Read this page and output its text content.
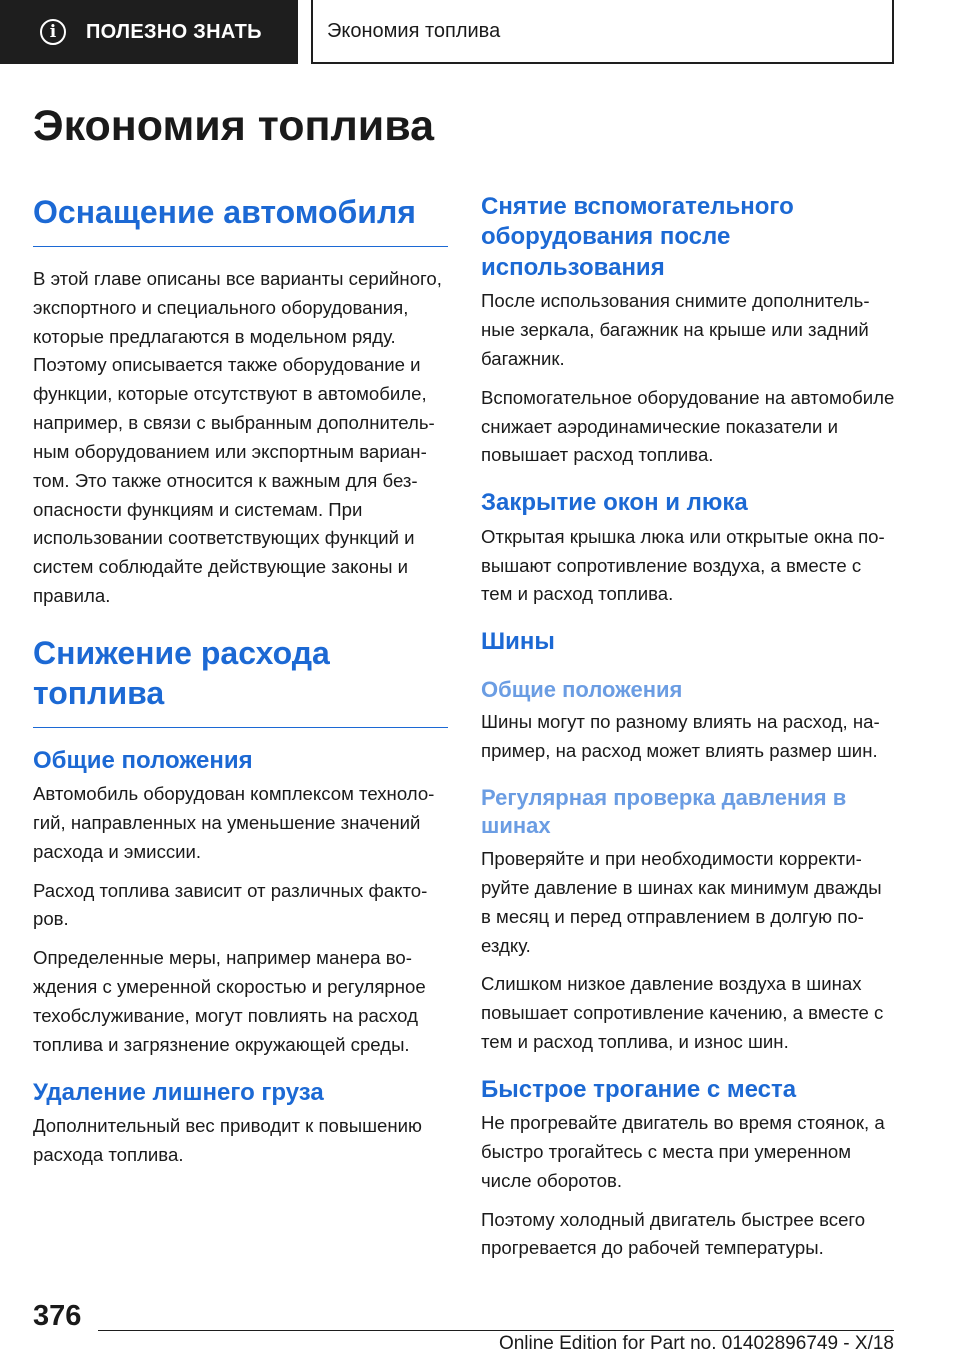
i	ПОЛЕЗНО ЗНАТЬ	Экономия топлива
Экономия топлива
Оснащение автомобиля

В этой главе описаны все варианты серийного, экспортного и специального оборудования, которые предлагаются в модельном ряду. Поэтому описывается также оборудование и функции, которые отсутствуют в автомобиле, например, в связи с выбранным дополнительным оборудованием или экспортным вариантом. Это также относится к важным для безопасности функциям и системам. При использовании соответствующих функций и систем соблюдайте действующие законы и правила.

Снижение расхода топлива
Общие положения

Автомобиль оборудован комплексом технологий, направленных на уменьшение значений расхода и эмиссии.

Расход топлива зависит от различных факторов.

Определенные меры, например манера вождения с умеренной скоростью и регулярное техобслуживание, могут повлиять на расход топлива и загрязнение окружающей среды.

Удаление лишнего груза

Дополнительный вес приводит к повышению расхода топлива.

Снятие вспомогательного оборудования после использования

После использования снимите дополнительные зеркала, багажник на крыше или задний багажник.

Вспомогательное оборудование на автомобиле снижает аэродинамические показатели и повышает расход топлива.

Закрытие окон и люка

Открытая крышка люка или открытые окна повышают сопротивление воздуха, а вместе с тем и расход топлива.

Шины
Общие положения

Шины могут по разному влиять на расход, например, на расход может влиять размер шин.

Регулярная проверка давления в шинах

Проверяйте и при необходимости корректируйте давление в шинах как минимум дважды в месяц и перед отправлением в долгую поездку.

Слишком низкое давление воздуха в шинах повышает сопротивление качению, а вместе с тем и расход топлива, и износ шин.

Быстрое трогание с места

Не прогревайте двигатель во время стоянок, а быстро трогайтесь с места при умеренном числе оборотов.

Поэтому холодный двигатель быстрее всего прогревается до рабочей температуры.

376
Online Edition for Part no. 01402896749 - X/18
